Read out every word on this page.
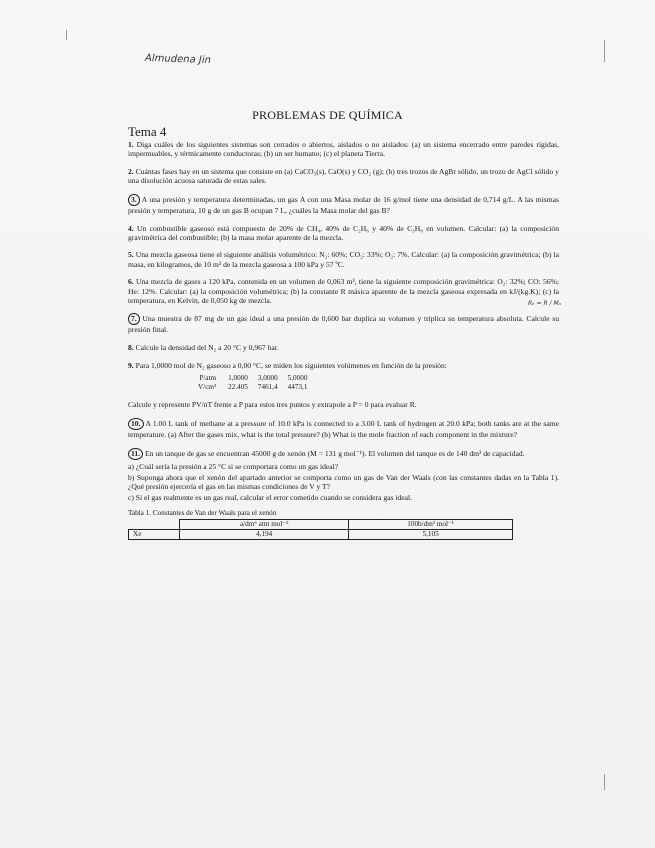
Almudena Jin
PROBLEMAS DE QUÍMICA
Tema 4

1. Diga cuáles de los siguientes sistemas son cerrados o abiertos, aislados o no aislados: (a) un sistema encerrado entre paredes rígidas, impermeables, y térmicamente conductoras; (b) un ser humano; (c) el planeta Tierra.

2. Cuántas fases hay en un sistema que consiste en (a) CaCO₃(s), CaO(s) y CO₂ (g); (b) tres trozos de AgBr sólido, un trozo de AgCl sólido y una disolución acuosa saturada de estas sales.

3. A una presión y temperatura determinadas, un gas A con una Masa molar de 16 g/mol tiene una densidad de 0,714 g/L. A las mismas presión y temperatura, 10 g de un gas B ocupan 7 L, ¿cuáles la Masa molar del gas B?

4. Un combustible gaseoso está compuesto de 20% de CH₄, 40% de C₂H₆ y 40% de C₃H₈ en volumen. Calcular: (a) la composición gravimétrica del combustible; (b) la masa molar aparente de la mezcla.

5. Una mezcla gaseosa tiene el siguiente análisis volumétrico: N₂: 60%; CO₂: 33%; O₂: 7%. Calcular: (a) la composición gravimétrica; (b) la masa, en kilogramos, de 10 m³ de la mezcla gaseosa a 100 kPa y 57 ºC.

6. Una mezcla de gases a 120 kPa, contenida en un volumen de 0,063 m³, tiene la siguiente composición gravimétrica: O₂: 32%; CO: 56%; He: 12%. Calcular: (a) la composición volumétrica; (b) la constante R másica aparente de la mezcla gaseosa expresada en kJ/(kg.K); (c) la temperatura, en Kelvin, de 0,050 kg de mezcla.	Rₑ = R / Mₐ

7. Una muestra de 87 mg de un gas ideal a una presión de 0,600 bar duplica su volumen y triplica su temperatura absoluta. Calcule su presión final.

8. Calcule la densidad del N₂ a 20 °C y 0,967 bar.

9. Para 1,0000 mol de N₂ gaseoso a 0,00 °C, se miden los siguientes volúmenes en función de la presión:
P/atm	1,0000	3,0000	5,0000
V/cm³	22.405	7461,4	4473,1
Calcule y represente PV/nT frente a P para estos tres puntos y extrapole a P = 0 para evaluar R.

10. A 1.00 L tank of methane at a pressure of 10.0 kPa is connected to a 3.00 L tank of hydrogen at 20.0 kPa; both tanks are at the same temperature. (a) After the gases mix, what is the total pressure? (b) What is the mole fraction of each component in the mixture?

11. En un tanque de gas se encuentran 45000 g de xenón (M = 131 g mol⁻¹). El volumen del tanque es de 140 dm³ de capacidad.
a) ¿Cuál sería la presión a 25 °C si se comportara como un gas ideal?
b) Suponga ahora que el xenón del apartado anterior se comporta como un gas de Van der Waals (con las constantes dadas en la Tabla 1). ¿Qué presión ejercería el gas en las mismas condiciones de V y T?
c) Si el gas realmente es un gas real, calcular el error cometido cuando se considera gas ideal.
Tabla 1. Constantes de Van der Waals para el xenón
	a/dm⁶ atm mol⁻²	100b/dm³ mol⁻¹
Xe	4,194	5,105
